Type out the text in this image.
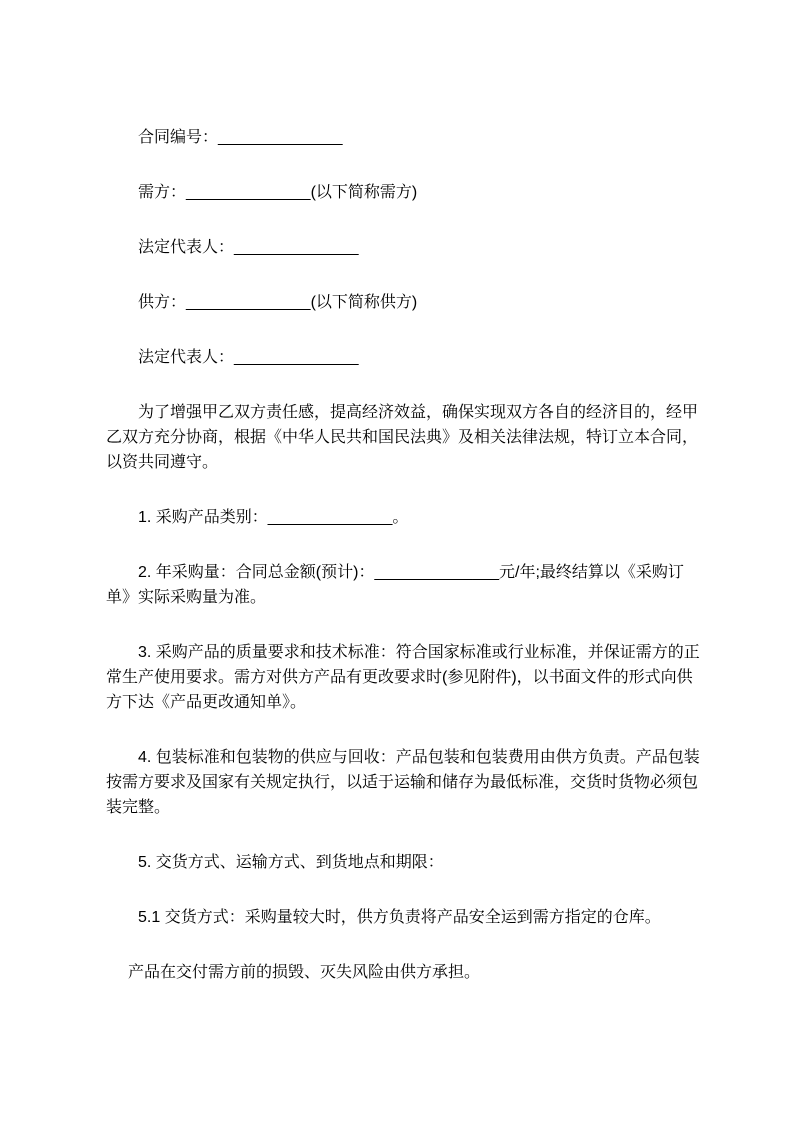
合同编号：______________

需方：______________(以下简称需方)

法定代表人：______________

供方：______________(以下简称供方)

法定代表人：______________

为了增强甲乙双方责任感，提高经济效益，确保实现双方各自的经济目的，经甲乙双方充分协商，根据《中华人民共和国民法典》及相关法律法规，特订立本合同，以资共同遵守。

1. 采购产品类别：______________。

2. 年采购量：合同总金额(预计)：______________元/年;最终结算以《采购订单》实际采购量为准。

3. 采购产品的质量要求和技术标准：符合国家标准或行业标准，并保证需方的正常生产使用要求。需方对供方产品有更改要求时(参见附件)，以书面文件的形式向供方下达《产品更改通知单》。

4. 包装标准和包装物的供应与回收：产品包装和包装费用由供方负责。产品包装按需方要求及国家有关规定执行，以适于运输和储存为最低标准，交货时货物必须包装完整。

5. 交货方式、运输方式、到货地点和期限：

5.1 交货方式：采购量较大时，供方负责将产品安全运到需方指定的仓库。

产品在交付需方前的损毁、灭失风险由供方承担。
